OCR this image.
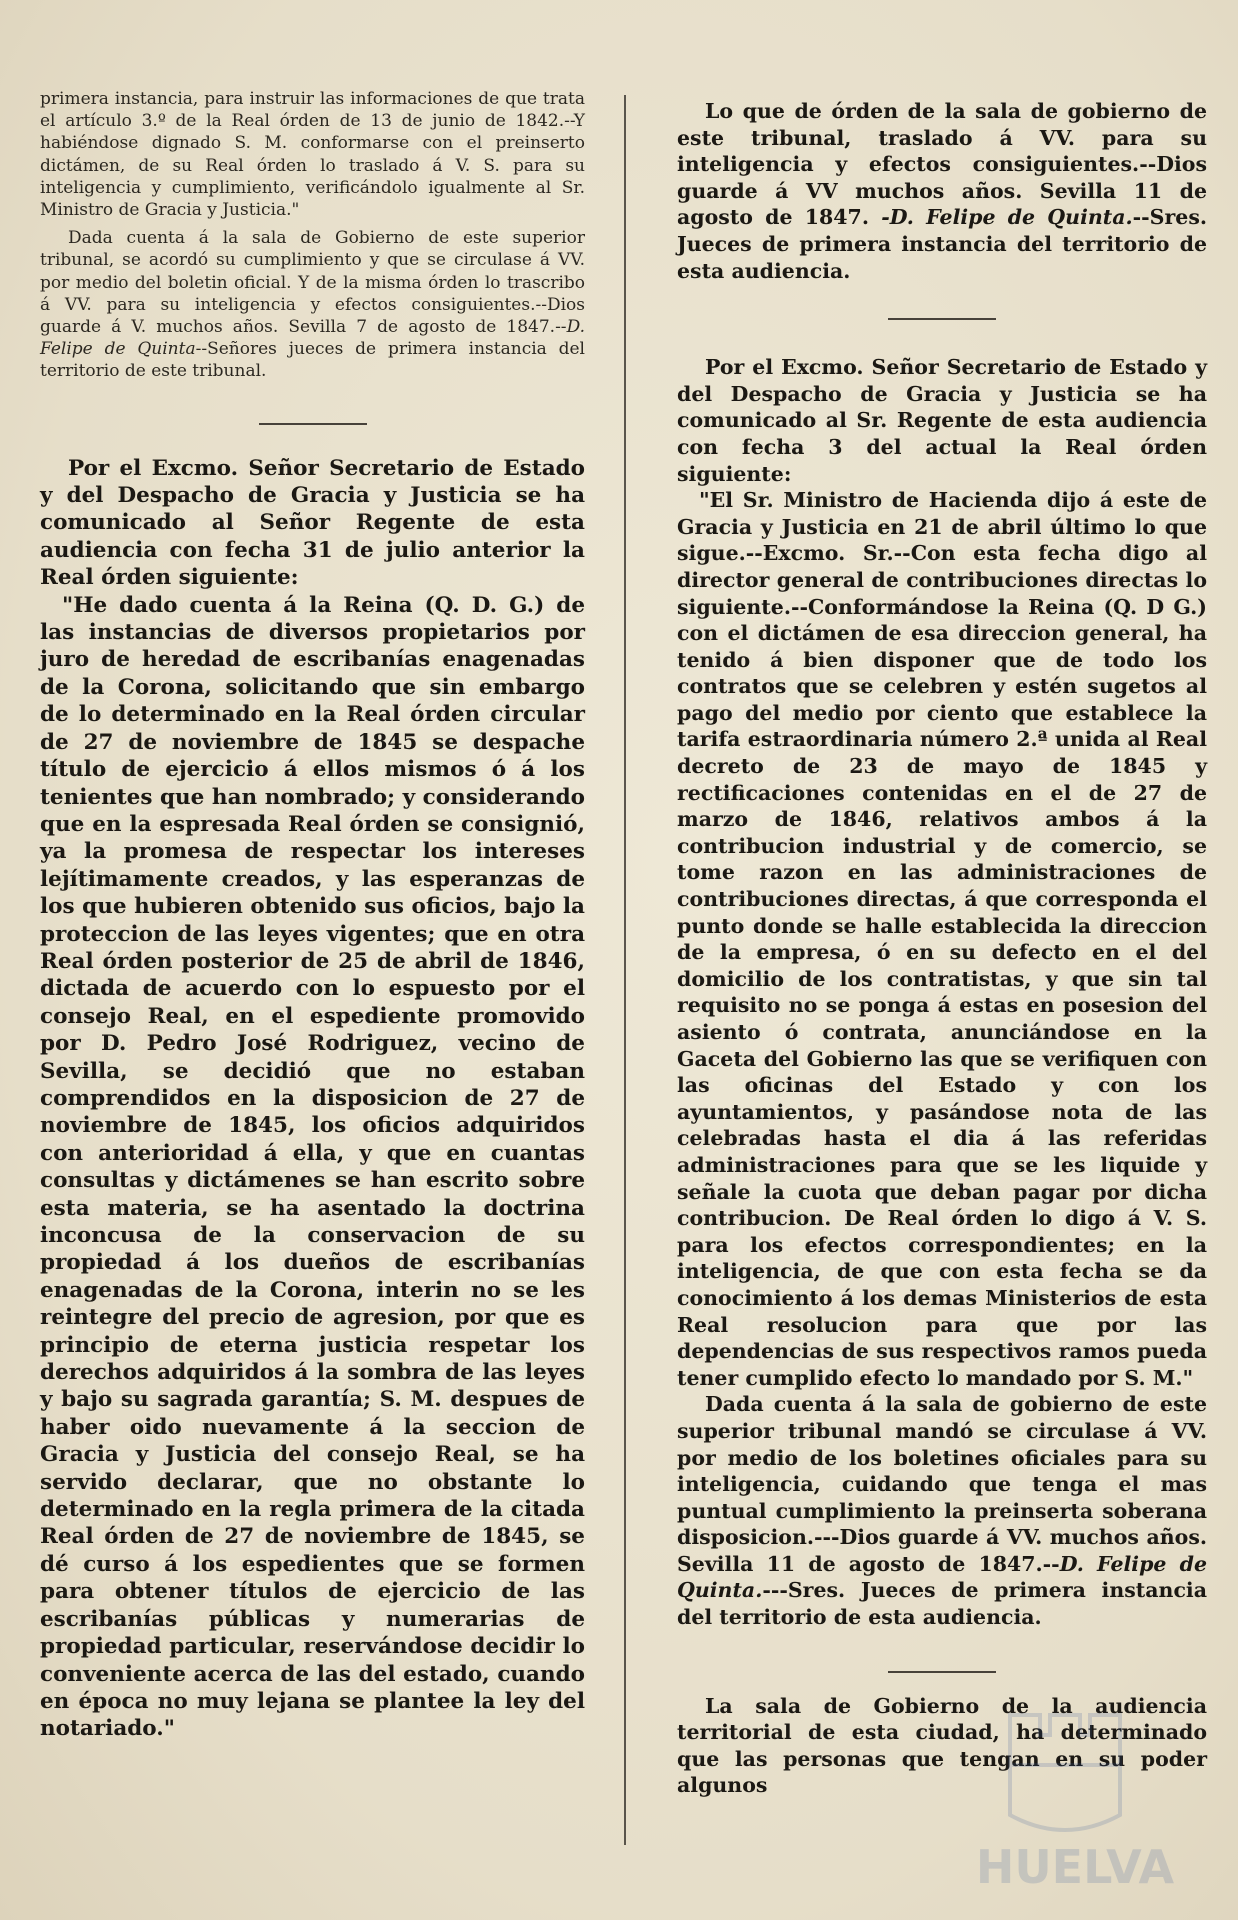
primera instancia, para instruir las informaciones de que trata el artículo 3.º de la Real órden de 13 de junio de 1842.--Y habiéndose dignado S. M. conformarse con el preinserto dictámen, de su Real órden lo traslado á V. S. para su inteligencia y cumplimiento, verificándolo igualmente al Sr. Ministro de Gracia y Justicia."

Dada cuenta á la sala de Gobierno de este superior tribunal, se acordó su cumplimiento y que se circulase á VV. por medio del boletin oficial. Y de la misma órden lo trascribo á VV. para su inteligencia y efectos consiguientes.--Dios guarde á V. muchos años. Sevilla 7 de agosto de 1847.--D. Felipe de Quinta--Señores jueces de primera instancia del territorio de este tribunal.

Por el Excmo. Señor Secretario de Estado y del Despacho de Gracia y Justicia se ha comunicado al Señor Regente de esta audiencia con fecha 31 de julio anterior la Real órden siguiente:

"He dado cuenta á la Reina (Q. D. G.) de las instancias de diversos propietarios por juro de heredad de escribanías enagenadas de la Corona, solicitando que sin embargo de lo determinado en la Real órden circular de 27 de noviembre de 1845 se despache título de ejercicio á ellos mismos ó á los tenientes que han nombrado; y considerando que en la espresada Real órden se consignió, ya la promesa de respectar los intereses lejítimamente creados, y las esperanzas de los que hubieren obtenido sus oficios, bajo la proteccion de las leyes vigentes; que en otra Real órden posterior de 25 de abril de 1846, dictada de acuerdo con lo espuesto por el consejo Real, en el espediente promovido por D. Pedro José Rodriguez, vecino de Sevilla, se decidió que no estaban comprendidos en la disposicion de 27 de noviembre de 1845, los oficios adquiridos con anterioridad á ella, y que en cuantas consultas y dictámenes se han escrito sobre esta materia, se ha asentado la doctrina inconcusa de la conservacion de su propiedad á los dueños de escribanías enagenadas de la Corona, interin no se les reintegre del precio de agresion, por que es principio de eterna justicia respetar los derechos adquiridos á la sombra de las leyes y bajo su sagrada garantía; S. M. despues de haber oido nuevamente á la seccion de Gracia y Justicia del consejo Real, se ha servido declarar, que no obstante lo determinado en la regla primera de la citada Real órden de 27 de noviembre de 1845, se dé curso á los espedientes que se formen para obtener títulos de ejercicio de las escribanías públicas y numerarias de propiedad particular, reservándose decidir lo conveniente acerca de las del estado, cuando en época no muy lejana se plantee la ley del notariado."

Lo que de órden de la sala de gobierno de este tribunal, traslado á VV. para su inteligencia y efectos consiguientes.--Dios guarde á VV muchos años. Sevilla 11 de agosto de 1847. -D. Felipe de Quinta.--Sres. Jueces de primera instancia del territorio de esta audiencia.

Por el Excmo. Señor Secretario de Estado y del Despacho de Gracia y Justicia se ha comunicado al Sr. Regente de esta audiencia con fecha 3 del actual la Real órden siguiente:

"El Sr. Ministro de Hacienda dijo á este de Gracia y Justicia en 21 de abril último lo que sigue.--Excmo. Sr.--Con esta fecha digo al director general de contribuciones directas lo siguiente.--Conformándose la Reina (Q. D G.) con el dictámen de esa direccion general, ha tenido á bien disponer que de todo los contratos que se celebren y estén sugetos al pago del medio por ciento que establece la tarifa estraordinaria número 2.ª unida al Real decreto de 23 de mayo de 1845 y rectificaciones contenidas en el de 27 de marzo de 1846, relativos ambos á la contribucion industrial y de comercio, se tome razon en las administraciones de contribuciones directas, á que corresponda el punto donde se halle establecida la direccion de la empresa, ó en su defecto en el del domicilio de los contratistas, y que sin tal requisito no se ponga á estas en posesion del asiento ó contrata, anunciándose en la Gaceta del Gobierno las que se verifiquen con las oficinas del Estado y con los ayuntamientos, y pasándose nota de las celebradas hasta el dia á las referidas administraciones para que se les liquide y señale la cuota que deban pagar por dicha contribucion. De Real órden lo digo á V. S. para los efectos correspondientes; en la inteligencia, de que con esta fecha se da conocimiento á los demas Ministerios de esta Real resolucion para que por las dependencias de sus respectivos ramos pueda tener cumplido efecto lo mandado por S. M."

Dada cuenta á la sala de gobierno de este superior tribunal mandó se circulase á VV. por medio de los boletines oficiales para su inteligencia, cuidando que tenga el mas puntual cumplimiento la preinserta soberana disposicion.---Dios guarde á VV. muchos años. Sevilla 11 de agosto de 1847.--D. Felipe de Quinta.---Sres. Jueces de primera instancia del territorio de esta audiencia.

La sala de Gobierno de la audiencia territorial de esta ciudad, ha determinado que las personas que tengan en su poder algunos

HUELVA
